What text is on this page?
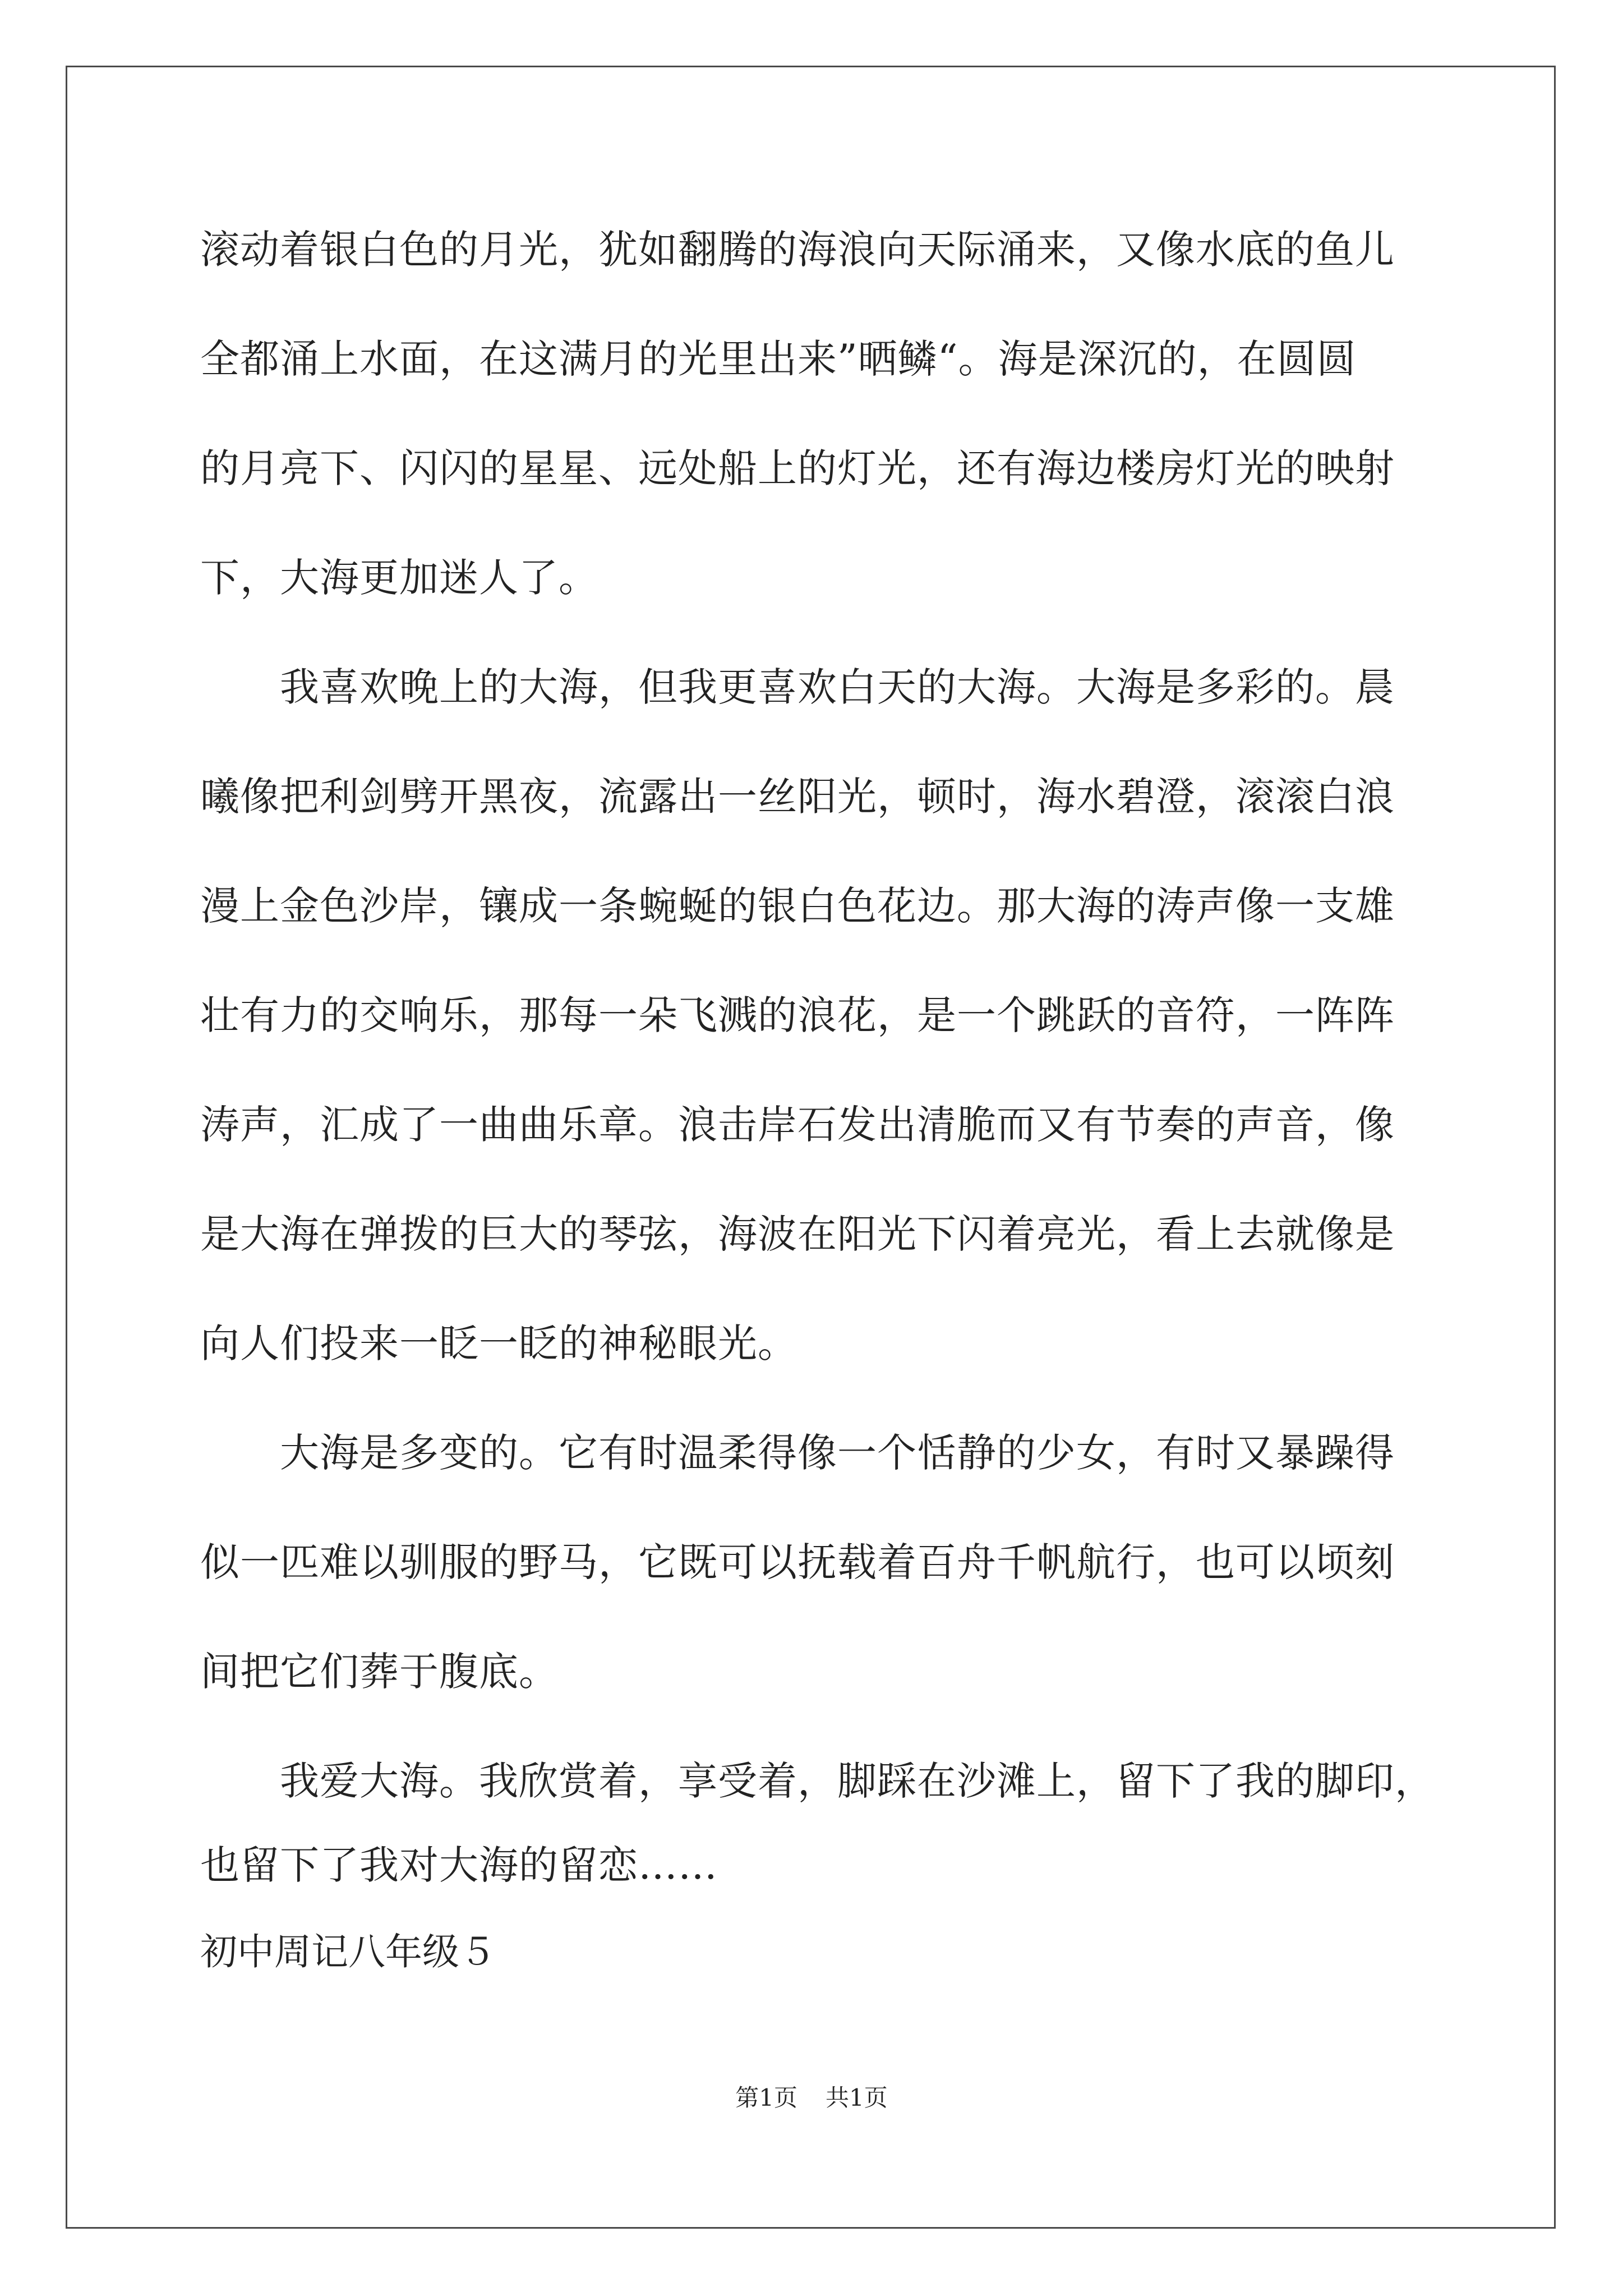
滚动着银白色的月光，犹如翻腾的海浪向天际涌来，又像水底的鱼儿
全都涌上水面，在这满月的光里出来”晒鳞“。海是深沉的，在圆圆
的月亮下、闪闪的星星、远处船上的灯光，还有海边楼房灯光的映射
下，大海更加迷人了。
　　我喜欢晚上的大海，但我更喜欢白天的大海。大海是多彩的。晨
曦像把利剑劈开黑夜，流露出一丝阳光，顿时，海水碧澄，滚滚白浪
漫上金色沙岸，镶成一条蜿蜒的银白色花边。那大海的涛声像一支雄
壮有力的交响乐，那每一朵飞溅的浪花，是一个跳跃的音符，一阵阵
涛声，汇成了一曲曲乐章。浪击岸石发出清脆而又有节奏的声音，像
是大海在弹拨的巨大的琴弦，海波在阳光下闪着亮光，看上去就像是
向人们投来一眨一眨的神秘眼光。
　　大海是多变的。它有时温柔得像一个恬静的少女，有时又暴躁得
似一匹难以驯服的野马，它既可以抚载着百舟千帆航行，也可以顷刻
间把它们葬于腹底。
　　我爱大海。我欣赏着，享受着，脚踩在沙滩上，留下了我的脚印，
也留下了我对大海的留恋……
初中周记八年级５
第1页 共1页
